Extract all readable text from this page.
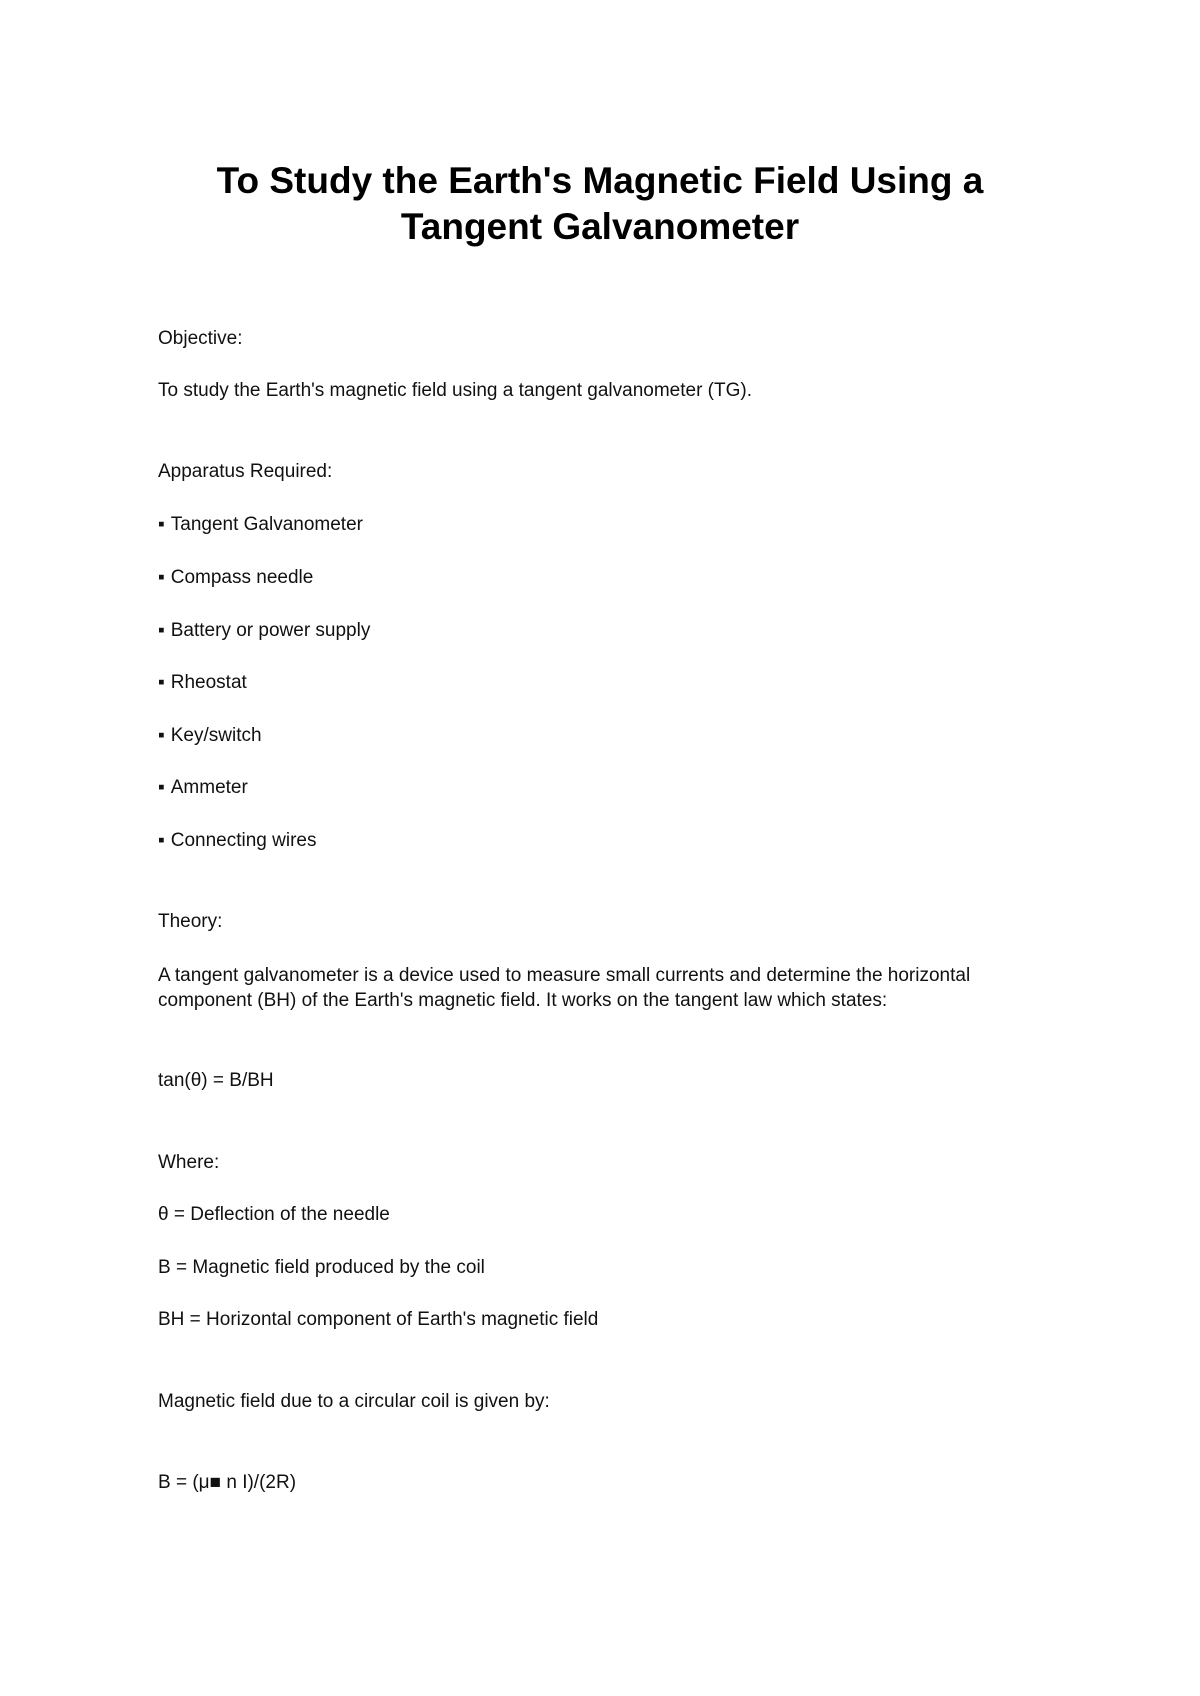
To Study the Earth's Magnetic Field Using a
Tangent Galvanometer

Objective:

To study the Earth's magnetic field using a tangent galvanometer (TG).

Apparatus Required:

▪ Tangent Galvanometer

▪ Compass needle

▪ Battery or power supply

▪ Rheostat

▪ Key/switch

▪ Ammeter

▪ Connecting wires

Theory:

A tangent galvanometer is a device used to measure small currents and determine the horizontal

component (BH) of the Earth's magnetic field. It works on the tangent law which states:

tan(θ) = B/BH

Where:

θ = Deflection of the needle

B = Magnetic field produced by the coil

BH = Horizontal component of Earth's magnetic field

Magnetic field due to a circular coil is given by:

B = (μ■ n I)/(2R)
